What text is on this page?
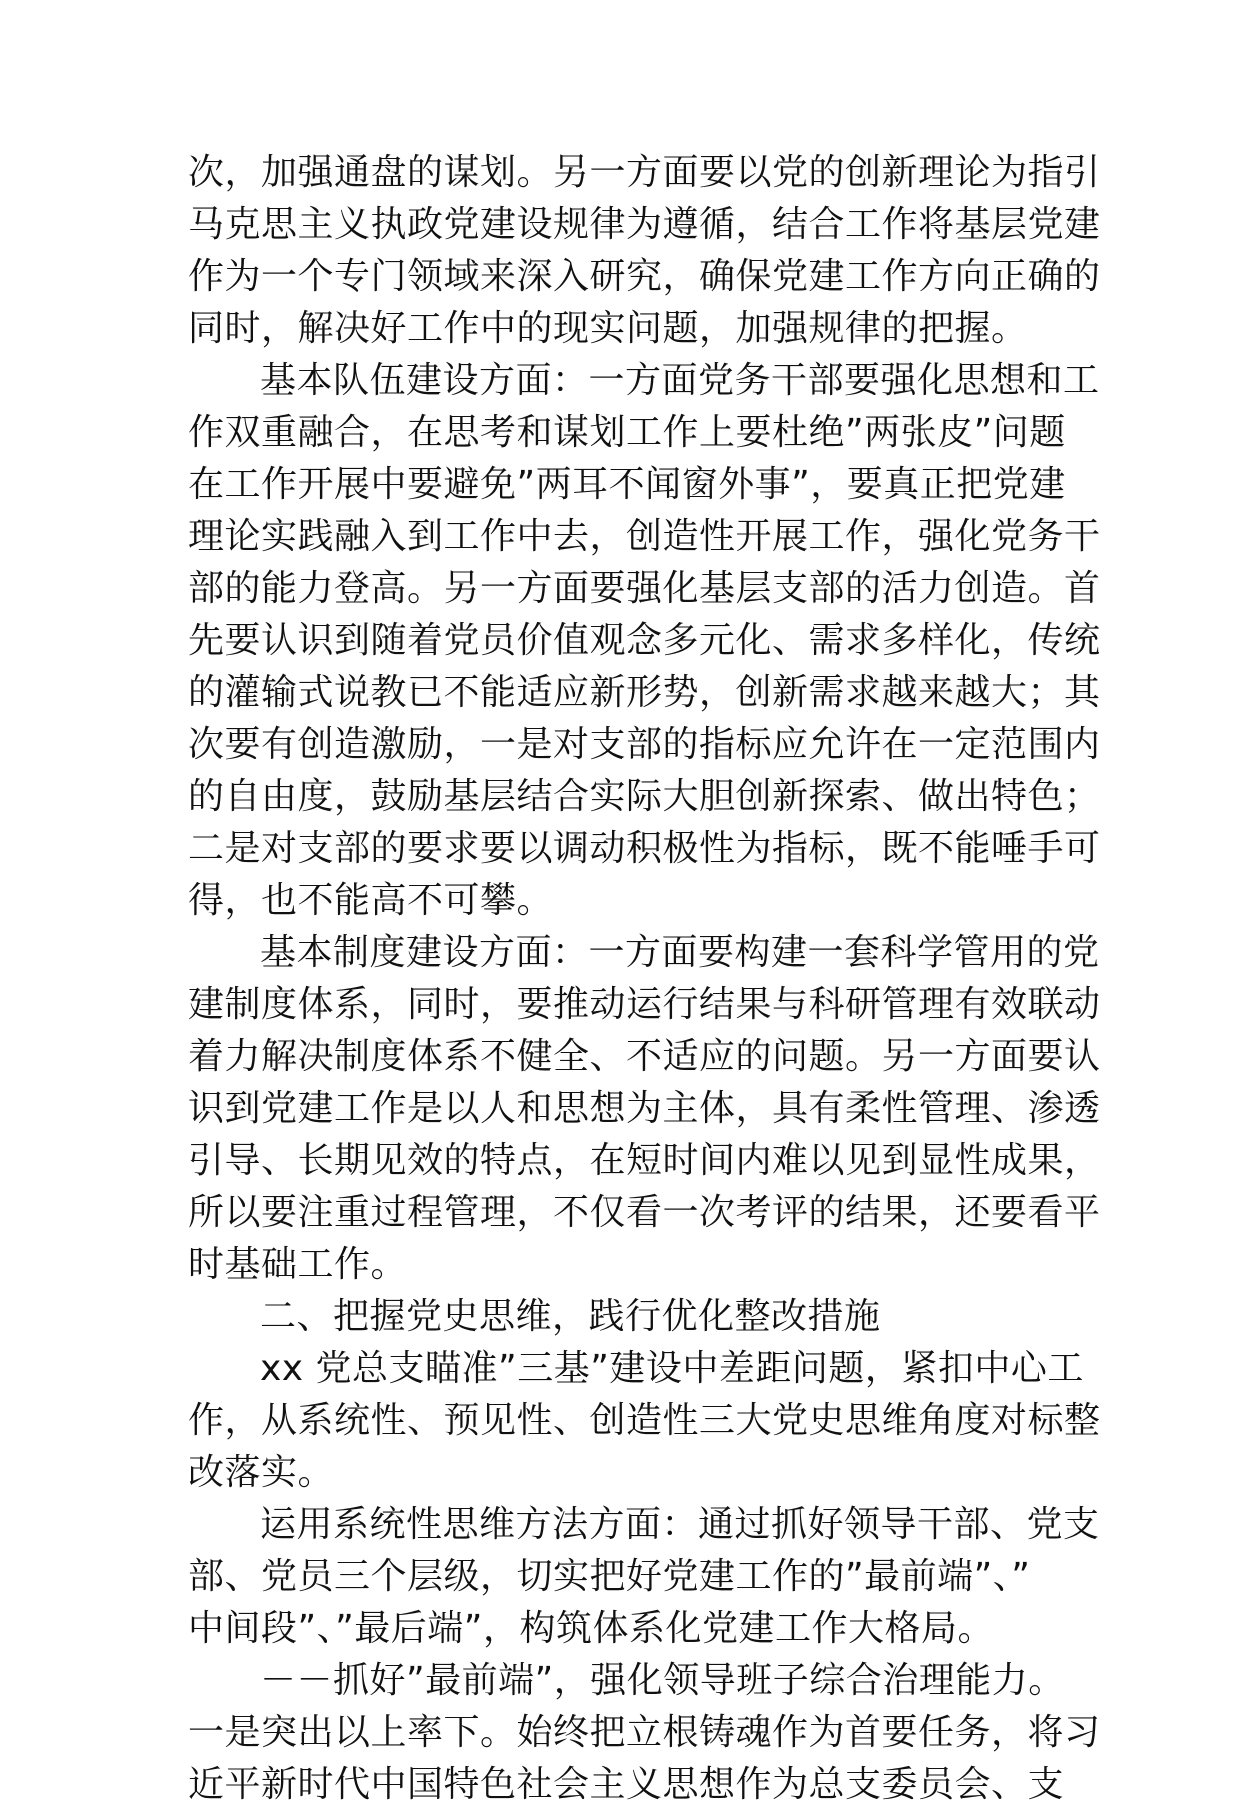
次，加强通盘的谋划。另一方面要以党的创新理论为指引
马克思主义执政党建设规律为遵循，结合工作将基层党建
作为一个专门领域来深入研究，确保党建工作方向正确的
同时，解决好工作中的现实问题，加强规律的把握。
基本队伍建设方面：一方面党务干部要强化思想和工
作双重融合，在思考和谋划工作上要杜绝”两张皮”问题
在工作开展中要避免”两耳不闻窗外事”，要真正把党建
理论实践融入到工作中去，创造性开展工作，强化党务干
部的能力登高。另一方面要强化基层支部的活力创造。首
先要认识到随着党员价值观念多元化、需求多样化，传统
的灌输式说教已不能适应新形势，创新需求越来越大；其
次要有创造激励，一是对支部的指标应允许在一定范围内
的自由度，鼓励基层结合实际大胆创新探索、做出特色；
二是对支部的要求要以调动积极性为指标，既不能唾手可
得，也不能高不可攀。
基本制度建设方面：一方面要构建一套科学管用的党
建制度体系，同时，要推动运行结果与科研管理有效联动
着力解决制度体系不健全、不适应的问题。另一方面要认
识到党建工作是以人和思想为主体，具有柔性管理、渗透
引导、长期见效的特点，在短时间内难以见到显性成果，
所以要注重过程管理，不仅看一次考评的结果，还要看平
时基础工作。
二、把握党史思维，践行优化整改措施
xx 党总支瞄准”三基”建设中差距问题，紧扣中心工
作，从系统性、预见性、创造性三大党史思维角度对标整
改落实。
运用系统性思维方法方面：通过抓好领导干部、党支
部、党员三个层级，切实把好党建工作的”最前端”、”
中间段”、”最后端”，构筑体系化党建工作大格局。
－－抓好”最前端”，强化领导班子综合治理能力。
一是突出以上率下。始终把立根铸魂作为首要任务，将习
近平新时代中国特色社会主义思想作为总支委员会、支
